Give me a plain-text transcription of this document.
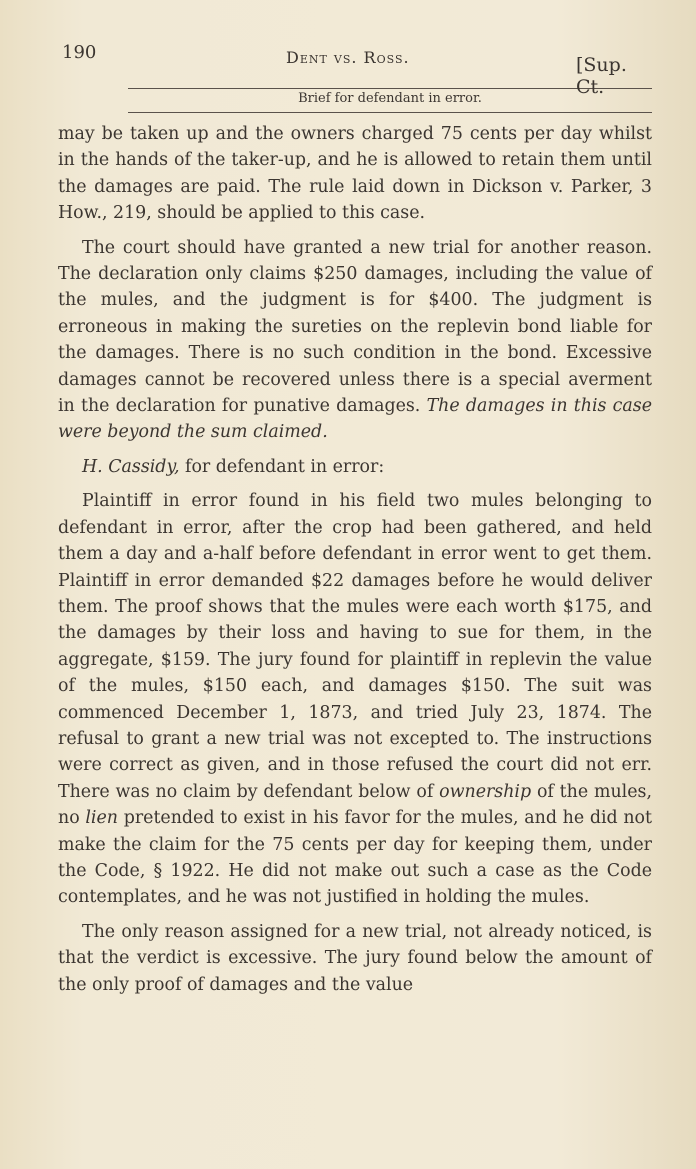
190	Dent vs. Ross.	[Sup. Ct.
Brief for defendant in error.

may be taken up and the owners charged 75 cents per day whilst in the hands of the taker-up, and he is allowed to retain them until the damages are paid. The rule laid down in Dickson v. Parker, 3 How., 219, should be applied to this case.

The court should have granted a new trial for another reason. The declaration only claims $250 damages, including the value of the mules, and the judgment is for $400. The judgment is erroneous in making the sureties on the replevin bond liable for the damages. There is no such condition in the bond. Excessive damages cannot be recovered unless there is a special averment in the declaration for punative damages. The damages in this case were beyond the sum claimed.

H. Cassidy, for defendant in error:

Plaintiff in error found in his field two mules belonging to defendant in error, after the crop had been gathered, and held them a day and a-half before defendant in error went to get them. Plaintiff in error demanded $22 damages before he would deliver them. The proof shows that the mules were each worth $175, and the damages by their loss and having to sue for them, in the aggregate, $159. The jury found for plaintiff in replevin the value of the mules, $150 each, and damages $150. The suit was commenced December 1, 1873, and tried July 23, 1874. The refusal to grant a new trial was not excepted to. The instructions were correct as given, and in those refused the court did not err. There was no claim by defendant below of ownership of the mules, no lien pretended to exist in his favor for the mules, and he did not make the claim for the 75 cents per day for keeping them, under the Code, § 1922. He did not make out such a case as the Code contemplates, and he was not justified in holding the mules.

The only reason assigned for a new trial, not already noticed, is that the verdict is excessive. The jury found below the amount of the only proof of damages and the value
